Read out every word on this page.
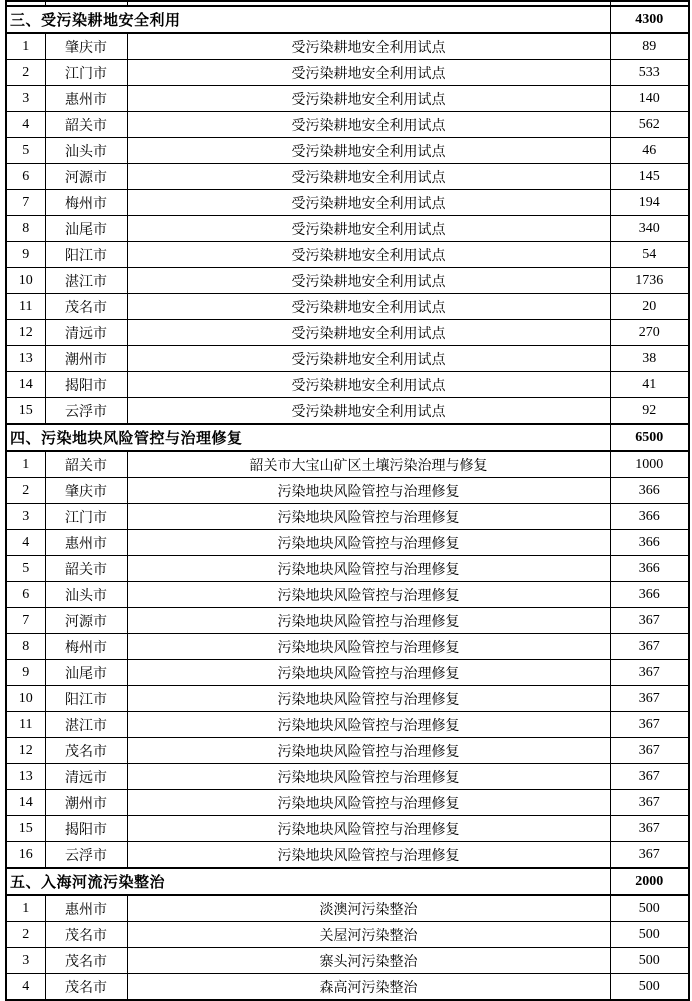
三、受污染耕地安全利用			4300
1	肇庆市	受污染耕地安全利用试点	89
2	江门市	受污染耕地安全利用试点	533
3	惠州市	受污染耕地安全利用试点	140
4	韶关市	受污染耕地安全利用试点	562
5	汕头市	受污染耕地安全利用试点	46
6	河源市	受污染耕地安全利用试点	145
7	梅州市	受污染耕地安全利用试点	194
8	汕尾市	受污染耕地安全利用试点	340
9	阳江市	受污染耕地安全利用试点	54
10	湛江市	受污染耕地安全利用试点	1736
11	茂名市	受污染耕地安全利用试点	20
12	清远市	受污染耕地安全利用试点	270
13	潮州市	受污染耕地安全利用试点	38
14	揭阳市	受污染耕地安全利用试点	41
15	云浮市	受污染耕地安全利用试点	92
四、污染地块风险管控与治理修复			6500
1	韶关市	韶关市大宝山矿区土壤污染治理与修复	1000
2	肇庆市	污染地块风险管控与治理修复	366
3	江门市	污染地块风险管控与治理修复	366
4	惠州市	污染地块风险管控与治理修复	366
5	韶关市	污染地块风险管控与治理修复	366
6	汕头市	污染地块风险管控与治理修复	366
7	河源市	污染地块风险管控与治理修复	367
8	梅州市	污染地块风险管控与治理修复	367
9	汕尾市	污染地块风险管控与治理修复	367
10	阳江市	污染地块风险管控与治理修复	367
11	湛江市	污染地块风险管控与治理修复	367
12	茂名市	污染地块风险管控与治理修复	367
13	清远市	污染地块风险管控与治理修复	367
14	潮州市	污染地块风险管控与治理修复	367
15	揭阳市	污染地块风险管控与治理修复	367
16	云浮市	污染地块风险管控与治理修复	367
五、入海河流污染整治			2000
1	惠州市	淡澳河污染整治	500
2	茂名市	关屋河污染整治	500
3	茂名市	寨头河污染整治	500
4	茂名市	森高河污染整治	500
